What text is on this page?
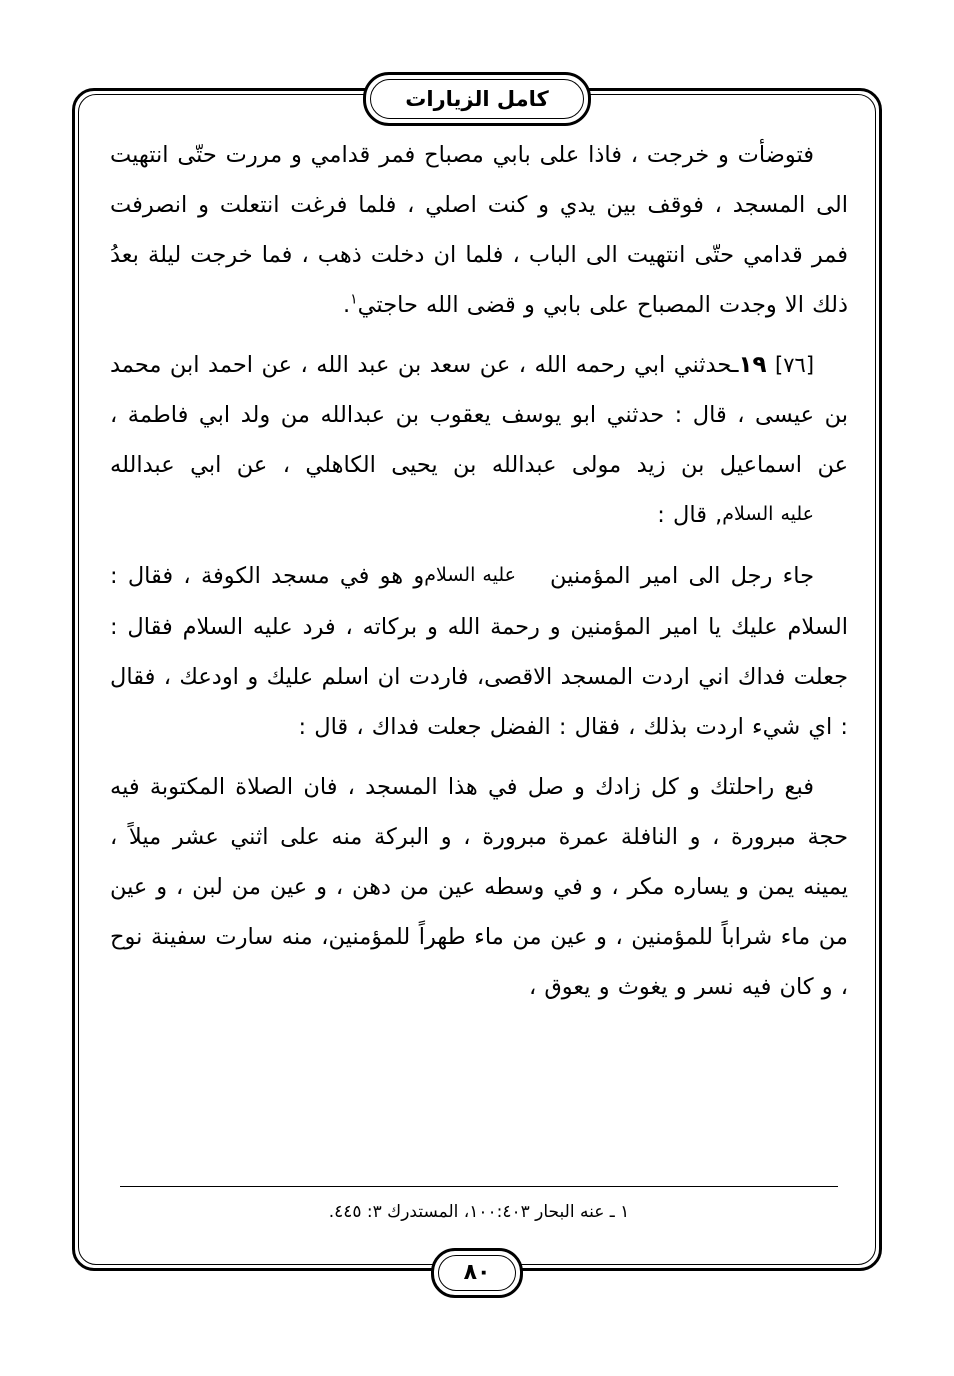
كامل الزيارات

فتوضأت و خرجت ، فاذا على بابي مصباح فمر قدامي و مررت حتّى انتهيت الى المسجد ، فوقف بين يدي و كنت اصلي ، فلما فرغت انتعلت و انصرفت فمر قدامي حتّى انتهيت الى الباب ، فلما ان دخلت ذهب ، فما خرجت ليلة بعدُ ذلك الا وجدت المصباح على بابي و قضى الله حاجتي$^١$.

[٧٦] ١٩ـحدثني ابي رحمه الله ، عن سعد بن عبد الله ، عن احمد ابن محمد بن عيسى ، قال : حدثني ابو يوسف يعقوب بن عبدالله من ولد ابي فاطمة ، عن اسماعيل بن زيد مولى عبدالله بن يحيى الكاهلي ، عن ابي عبداللهعليه السلام, قال :

جاء رجل الى امير المؤمنينعليه السلامو هو في مسجد الكوفة ، فقال : السلام عليك يا امير المؤمنين و رحمة الله و بركاته ، فرد عليه السلام فقال : جعلت فداك اني اردت المسجد الاقصى، فاردت ان اسلم عليك و اودعك ، فقال : اي شيء اردت بذلك ، فقال : الفضل جعلت فداك ، قال :

فبع راحلتك و كل زادك و صل في هذا المسجد ، فان الصلاة المكتوبة فيه حجة مبرورة ، و النافلة عمرة مبرورة ، و البركة منه على اثني عشر ميلاً ، يمينه يمن و يساره مكر ، و في وسطه عين من دهن ، و عين من لبن ، و عين من ماء شراباً للمؤمنين ، و عين من ماء طهراً للمؤمنين، منه سارت سفينة نوح ، و كان فيه نسر و يغوث و يعوق ،

١ ـ عنه البحار ١٠٠:٤٠٣، المستدرك ٣: ٤٤٥.
٨٠
